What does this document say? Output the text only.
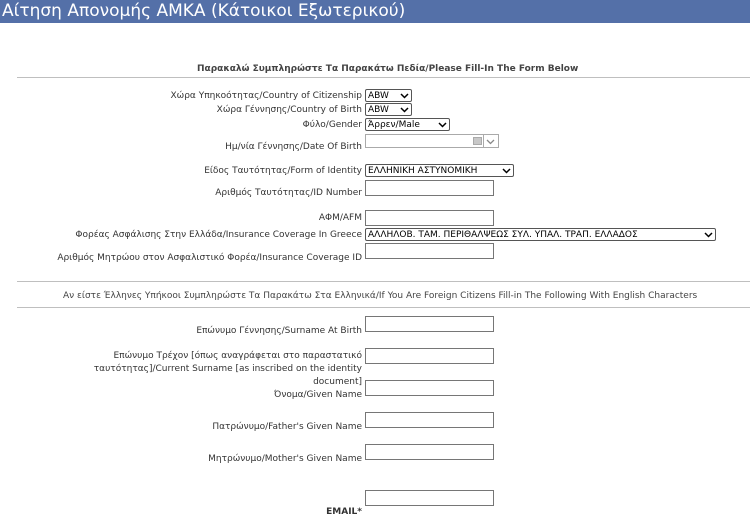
Αίτηση Απονομής ΑΜΚΑ (Κάτοικοι Εξωτερικού)
Παρακαλώ Συμπληρώστε Τα Παρακάτω Πεδία/Please Fill-In The Form Below
Χώρα Υπηκοότητας/Country of Citizenship ABW
Χώρα Γέννησης/Country of Birth ABW
Φύλο/Gender Άρρεν/Male
Ημ/νία Γέννησης/Date Of Birth
Είδος Ταυτότητας/Form of Identity ΕΛΛΗΝΙΚΗ ΑΣΤΥΝΟΜΙΚΗ
Αριθμός Ταυτότητας/ID Number
ΑΦΜ/AFM
Φορέας Ασφάλισης Στην Ελλάδα/Insurance Coverage In Greece ΑΛΛΗΛΟΒ. ΤΑΜ. ΠΕΡΙΘΑΛΨΕΩΣ ΣΥΛ. ΥΠΑΛ. ΤΡΑΠ. ΕΛΛΑΔΟΣ
Αριθμός Μητρώου στον Ασφαλιστικό Φορέα/Insurance Coverage ID
Αν είστε Έλληνες Υπήκοοι Συμπληρώστε Τα Παρακάτω Στα Ελληνικά/If You Are Foreign Citizens Fill-in The Following With English Characters
Επώνυμο Γέννησης/Surname At Birth
Επώνυμο Τρέχον [όπως αναγράφεται στο παραστατικό ταυτότητας]/Current Surname [as inscribed on the identity document]
Όνομα/Given Name
Πατρώνυμο/Father's Given Name
Μητρώνυμο/Mother's Given Name
EMAIL*
